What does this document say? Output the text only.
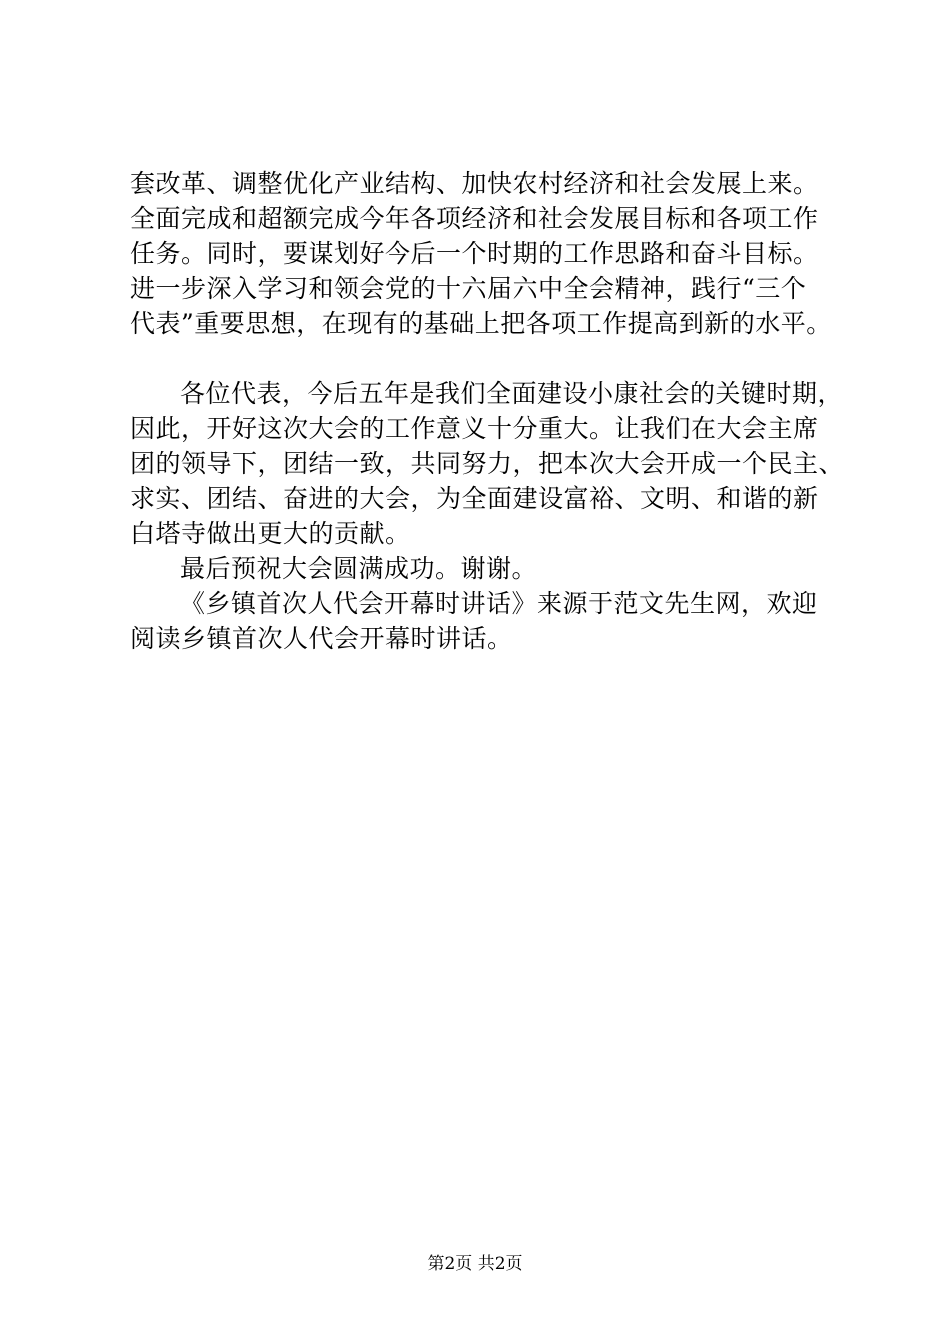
套改革、调整优化产业结构、加快农村经济和社会发展上来。
全面完成和超额完成今年各项经济和社会发展目标和各项工作
任务。同时，要谋划好今后一个时期的工作思路和奋斗目标。
进一步深入学习和领会党的十六届六中全会精神，践行“三个
代表”重要思想，在现有的基础上把各项工作提高到新的水平。
各位代表，今后五年是我们全面建设小康社会的关键时期，
因此，开好这次大会的工作意义十分重大。让我们在大会主席
团的领导下，团结一致，共同努力，把本次大会开成一个民主、
求实、团结、奋进的大会，为全面建设富裕、文明、和谐的新
白塔寺做出更大的贡献。
最后预祝大会圆满成功。谢谢。
《乡镇首次人代会开幕时讲话》来源于范文先生网，欢迎
阅读乡镇首次人代会开幕时讲话。
第2页 共2页
